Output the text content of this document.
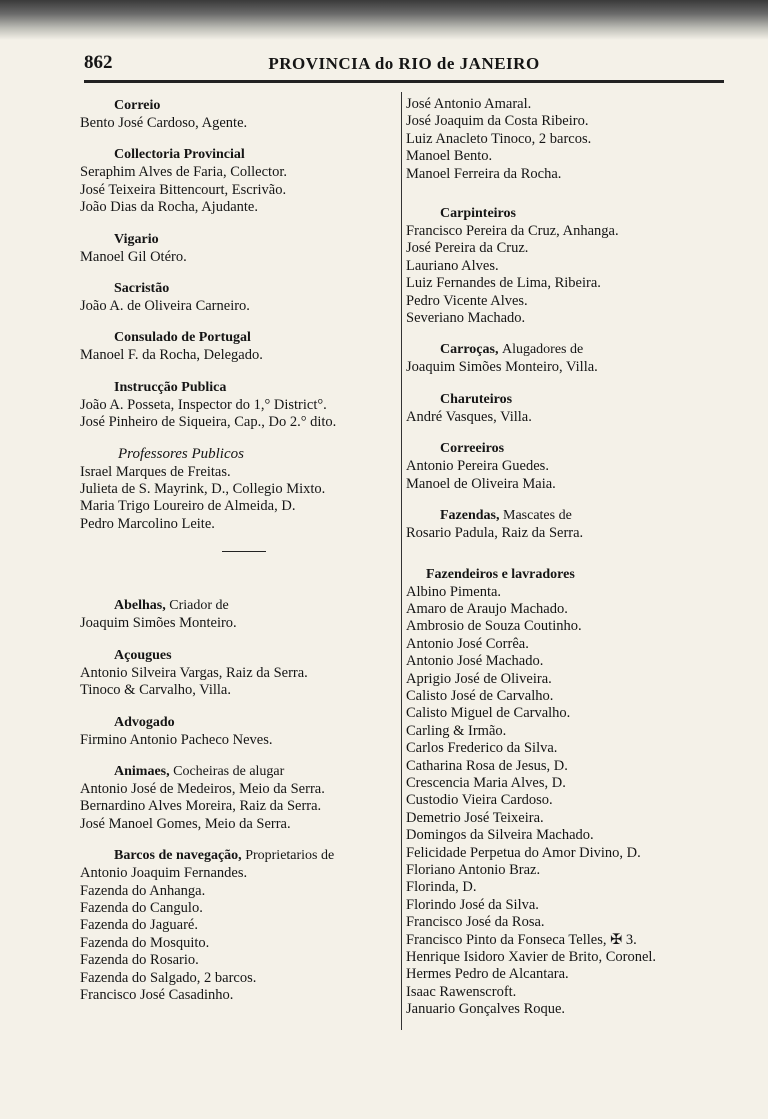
862	PROVINCIA do RIO de JANEIRO
Correio
Bento José Cardoso, Agente.
Collectoria Provincial
Seraphim Alves de Faria, Collector.
José Teixeira Bittencourt, Escrivão.
João Dias da Rocha, Ajudante.
Vigario
Manoel Gil Otéro.
Sacristão
João A. de Oliveira Carneiro.
Consulado de Portugal
Manoel F. da Rocha, Delegado.
Instrucção Publica
João A. Posseta, Inspector do 1,° District°.
José Pinheiro de Siqueira, Cap., Do 2.° dito.
Professores Publicos
Israel Marques de Freitas.
Julieta de S. Mayrink, D., Collegio Mixto.
Maria Trigo Loureiro de Almeida, D.
Pedro Marcolino Leite.
Abelhas, Criador de
Joaquim Simões Monteiro.
Açougues
Antonio Silveira Vargas, Raiz da Serra.
Tinoco & Carvalho, Villa.
Advogado
Firmino Antonio Pacheco Neves.
Animaes, Cocheiras de alugar
Antonio José de Medeiros, Meio da Serra.
Bernardino Alves Moreira, Raiz da Serra.
José Manoel Gomes, Meio da Serra.
Barcos de navegação, Proprietarios de
Antonio Joaquim Fernandes.
Fazenda do Anhanga.
Fazenda do Cangulo.
Fazenda do Jaguaré.
Fazenda do Mosquito.
Fazenda do Rosario.
Fazenda do Salgado, 2 barcos.
Francisco José Casadinho.
José Antonio Amaral.
José Joaquim da Costa Ribeiro.
Luiz Anacleto Tinoco, 2 barcos.
Manoel Bento.
Manoel Ferreira da Rocha.
Carpinteiros
Francisco Pereira da Cruz, Anhanga.
José Pereira da Cruz.
Lauriano Alves.
Luiz Fernandes de Lima, Ribeira.
Pedro Vicente Alves.
Severiano Machado.
Carroças, Alugadores de
Joaquim Simões Monteiro, Villa.
Charuteiros
André Vasques, Villa.
Correeiros
Antonio Pereira Guedes.
Manoel de Oliveira Maia.
Fazendas, Mascates de
Rosario Padula, Raiz da Serra.
Fazendeiros e lavradores
Albino Pimenta.
Amaro de Araujo Machado.
Ambrosio de Souza Coutinho.
Antonio José Corrêa.
Antonio José Machado.
Aprigio José de Oliveira.
Calisto José de Carvalho.
Calisto Miguel de Carvalho.
Carling & Irmão.
Carlos Frederico da Silva.
Catharina Rosa de Jesus, D.
Crescencia Maria Alves, D.
Custodio Vieira Cardoso.
Demetrio José Teixeira.
Domingos da Silveira Machado.
Felicidade Perpetua do Amor Divino, D.
Floriano Antonio Braz.
Florinda, D.
Florindo José da Silva.
Francisco José da Rosa.
Francisco Pinto da Fonseca Telles, ✠ 3.
Henrique Isidoro Xavier de Brito, Coronel.
Hermes Pedro de Alcantara.
Isaac Rawenscroft.
Januario Gonçalves Roque.
